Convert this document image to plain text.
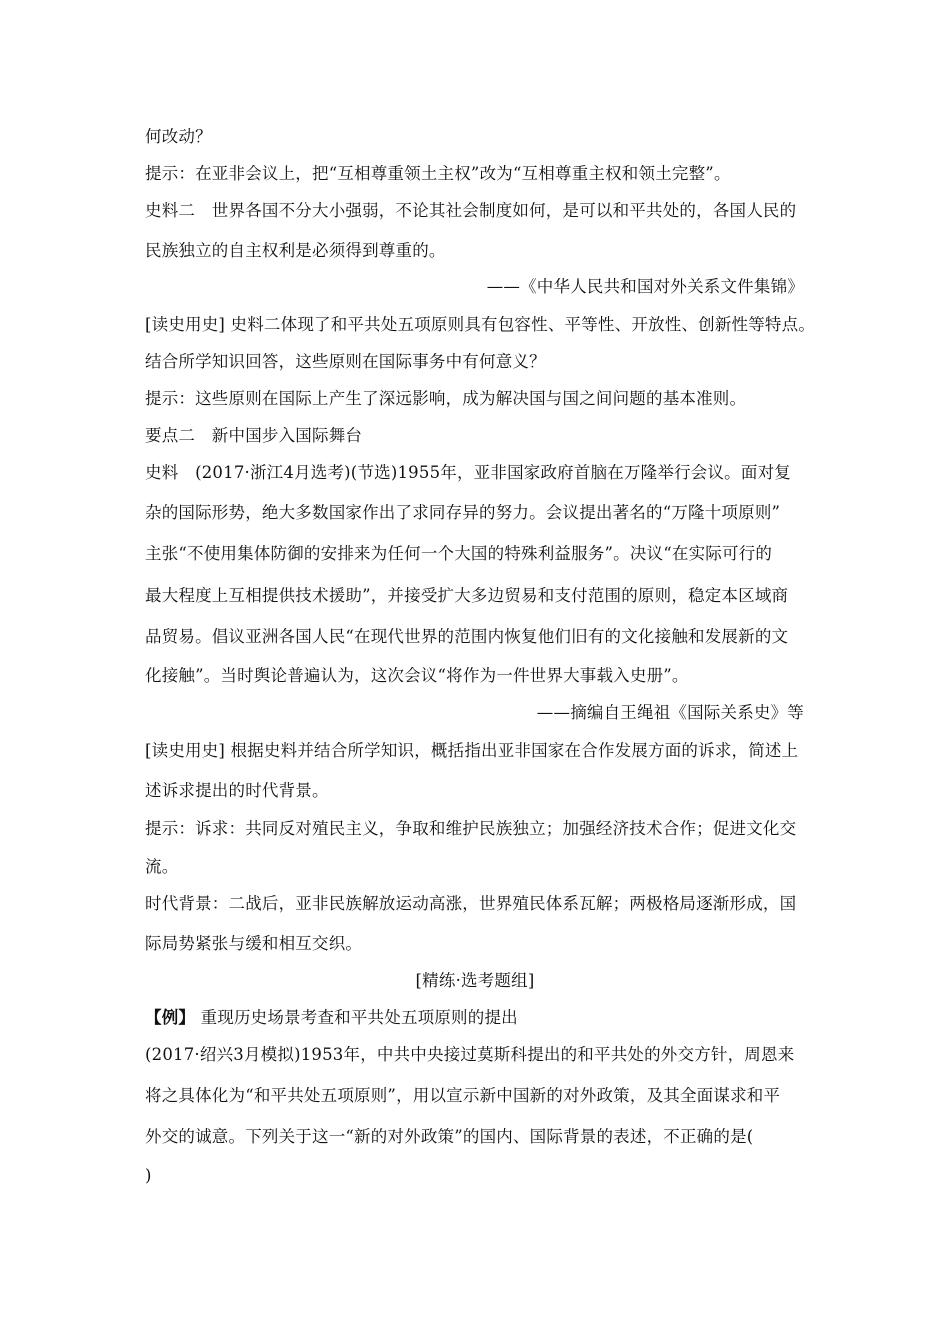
何改动？
提示：在亚非会议上，把“互相尊重领土主权”改为“互相尊重主权和领土完整”。
史料二　世界各国不分大小强弱，不论其社会制度如何，是可以和平共处的，各国人民的
民族独立的自主权利是必须得到尊重的。
——《中华人民共和国对外关系文件集锦》
[读史用史] 史料二体现了和平共处五项原则具有包容性、平等性、开放性、创新性等特点。
结合所学知识回答，这些原则在国际事务中有何意义？
提示：这些原则在国际上产生了深远影响，成为解决国与国之间问题的基本准则。
要点二　新中国步入国际舞台
史料　(2017·浙江4月选考)(节选)1955年，亚非国家政府首脑在万隆举行会议。面对复
杂的国际形势，绝大多数国家作出了求同存异的努力。会议提出著名的“万隆十项原则”
主张“不使用集体防御的安排来为任何一个大国的特殊利益服务”。决议“在实际可行的
最大程度上互相提供技术援助”，并接受扩大多边贸易和支付范围的原则，稳定本区域商
品贸易。倡议亚洲各国人民“在现代世界的范围内恢复他们旧有的文化接触和发展新的文
化接触”。当时舆论普遍认为，这次会议“将作为一件世界大事载入史册”。
——摘编自王绳祖《国际关系史》等
[读史用史] 根据史料并结合所学知识，概括指出亚非国家在合作发展方面的诉求，简述上
述诉求提出的时代背景。
提示：诉求：共同反对殖民主义，争取和维护民族独立；加强经济技术合作；促进文化交
流。
时代背景：二战后，亚非民族解放运动高涨，世界殖民体系瓦解；两极格局逐渐形成，国
际局势紧张与缓和相互交织。
[精练·选考题组]
【例】 重现历史场景考查和平共处五项原则的提出
(2017·绍兴3月模拟)1953年，中共中央接过莫斯科提出的和平共处的外交方针，周恩来
将之具体化为“和平共处五项原则”，用以宣示新中国新的对外政策，及其全面谋求和平
外交的诚意。下列关于这一“新的对外政策”的国内、国际背景的表述，不正确的是(
)
